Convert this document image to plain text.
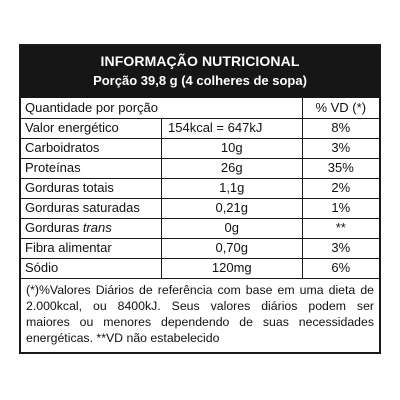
INFORMAÇÃO NUTRICIONAL
Porção 39,8 g (4 colheres de sopa)
Quantidade por porção		% VD (*)
Valor energético	154kcal = 647kJ	8%
Carboidratos	10g	3%
Proteínas	26g	35%
Gorduras totais	1,1g	2%
Gorduras saturadas	0,21g	1%
Gorduras trans	0g	**
Fibra alimentar	0,70g	3%
Sódio	120mg	6%
(*)%Valores Diários de referência com base em uma dieta de
2.000kcal, ou 8400kJ. Seus valores diários podem ser
maiores ou menores dependendo de suas necessidades
energéticas. **VD não estabelecido
